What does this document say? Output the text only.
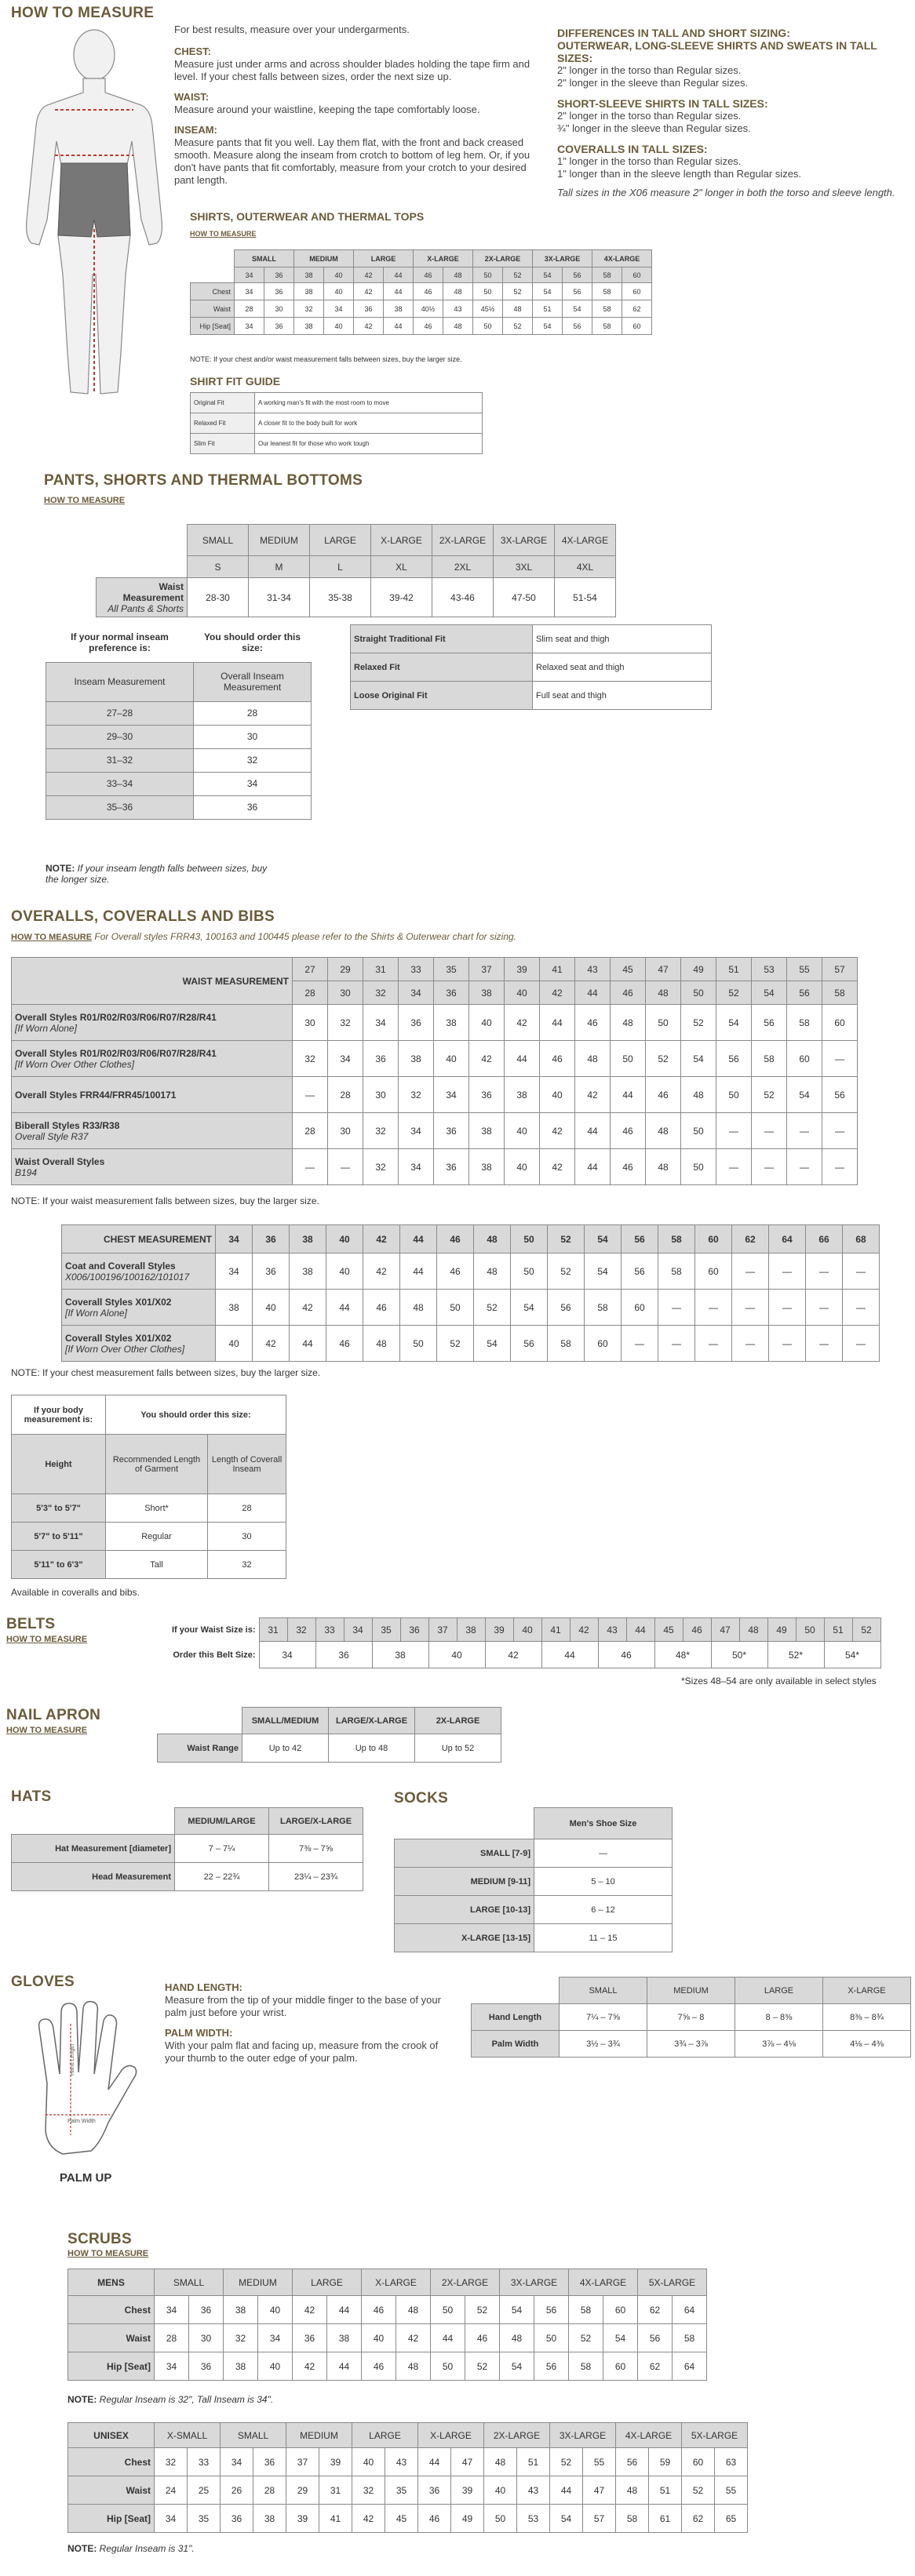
HOW TO MEASURE
For best results, measure over your undergarments.
CHEST:
Measure just under arms and across shoulder blades holding the tape firm and level. If your chest falls between sizes, order the next size up.
WAIST:
Measure around your waistline, keeping the tape comfortably loose.
INSEAM:
Measure pants that fit you well. Lay them flat, with the front and back creased smooth. Measure along the inseam from crotch to bottom of leg hem. Or, if you don't have pants that fit comfortably, measure from your crotch to your desired pant length.
DIFFERENCES IN TALL AND SHORT SIZING:
OUTERWEAR, LONG-SLEEVE SHIRTS AND SWEATS IN TALL SIZES:
2" longer in the torso than Regular sizes.
2" longer in the sleeve than Regular sizes.
SHORT-SLEEVE SHIRTS IN TALL SIZES:
2" longer in the torso than Regular sizes.
¾" longer in the sleeve than Regular sizes.
COVERALLS IN TALL SIZES:
1" longer in the torso than Regular sizes.
1" longer than in the sleeve length than Regular sizes.
Tall sizes in the X06 measure 2" longer in both the torso and sleeve length.
SHIRTS, OUTERWEAR AND THERMAL TOPS
HOW TO MEASURE
	SMALL		MEDIUM		LARGE		X-LARGE		2X-LARGE		3X-LARGE		4X-LARGE	
	34	36	38	40	42	44	46	48	50	52	54	56	58	60
Chest	34	36	38	40	42	44	46	48	50	52	54	56	58	60
Waist	28	30	32	34	36	38	40½	43	45½	48	51	54	58	62
Hip [Seat]	34	36	38	40	42	44	46	48	50	52	54	56	58	60
NOTE: If your chest and/or waist measurement falls between sizes, buy the larger size.
SHIRT FIT GUIDE
Original Fit	A working man's fit with the most room to move
Relaxed Fit	A closer fit to the body built for work
Slim Fit	Our leanest fit for those who work tough
PANTS, SHORTS AND THERMAL BOTTOMS
HOW TO MEASURE
	SMALL	MEDIUM	LARGE	X-LARGE	2X-LARGE	3X-LARGE	4X-LARGE
	S	M	L	XL	2XL	3XL	4XL

Waist Measurement
All Pants & Shorts	28-30	31-34	35-38	39-42	43-46	47-50	51-54
If your normal inseam preference is:	You should order this size:
Inseam Measurement	Overall Inseam Measurement
27–28	28
29–30	30
31–32	32
33–34	34
35–36	36
Straight Traditional Fit	Slim seat and thigh
Relaxed Fit	Relaxed seat and thigh
Loose Original Fit	Full seat and thigh
NOTE: If your inseam length falls between sizes, buy the longer size.
OVERALLS, COVERALLS AND BIBS
HOW TO MEASURE For Overall styles FRR43, 100163 and 100445 please refer to the Shirts & Outerwear chart for sizing.
WAIST MEASUREMENT	27	29	31	33	35	37	39	41	43	45	47	49	51	53	55	57
	28	30	32	34	36	38	40	42	44	46	48	50	52	54	56	58

Overall Styles R01/R02/R03/R06/R07/R28/R41
[If Worn Alone]	30	32	34	36	38	40	42	44	46	48	50	52	54	56	58	60

Overall Styles R01/R02/R03/R06/R07/R28/R41
[If Worn Over Other Clothes]	32	34	36	38	40	42	44	46	48	50	52	54	56	58	60	—

Overall Styles FRR44/FRR45/100171	—	28	30	32	34	36	38	40	42	44	46	48	50	52	54	56

Biberall Styles R33/R38
Overall Style R37	28	30	32	34	36	38	40	42	44	46	48	50	—	—	—	—

Waist Overall Styles
B194	—	—	32	34	36	38	40	42	44	46	48	50	—	—	—	—
NOTE: If your waist measurement falls between sizes, buy the larger size.
CHEST MEASUREMENT	34	36	38	40	42	44	46	48	50	52	54	56	58	60	62	64	66	68

Coat and Coverall Styles
X006/100196/100162/101017	34	36	38	40	42	44	46	48	50	52	54	56	58	60	—	—	—	—

Coverall Styles X01/X02
[If Worn Alone]	38	40	42	44	46	48	50	52	54	56	58	60	—	—	—	—	—	—

Coverall Styles X01/X02
[If Worn Over Other Clothes]	40	42	44	46	48	50	52	54	56	58	60	—	—	—	—	—	—	—
NOTE: If your chest measurement falls between sizes, buy the larger size.
If your body measurement is:	You should order this size:	
Height	Recommended Length of Garment	Length of Coverall Inseam
5'3" to 5'7"	Short*	28
5'7" to 5'11"	Regular	30
5'11" to 6'3"	Tall	32
Available in coveralls and bibs.
BELTS
HOW TO MEASURE
If your Waist Size is:	31	32	33	34	35	36	37	38	39	40	41	42	43	44	45	46	47	48	49	50	51	52
Order this Belt Size:	34		36		38		40		42		44		46		48*		50*		52*		54*	
*Sizes 48–54 are only available in select styles
NAIL APRON
HOW TO MEASURE
	SMALL/MEDIUM	LARGE/X-LARGE	2X-LARGE
Waist Range	Up to 42	Up to 48	Up to 52
HATS
	MEDIUM/LARGE	LARGE/X-LARGE
Hat Measurement [diameter]	7 – 7¼	7⅜ – 7⅝
Head Measurement	22 – 22¾	23¼ – 23¾
SOCKS
	Men's Shoe Size
SMALL [7-9]	—
MEDIUM [9-11]	5 – 10
LARGE [10-13]	6 – 12
X-LARGE [13-15]	11 – 15
GLOVES
Hand Length
Palm Width
PALM UP
HAND LENGTH:
Measure from the tip of your middle finger to the base of your palm just before your wrist.
PALM WIDTH:
With your palm flat and facing up, measure from the crook of your thumb to the outer edge of your palm.
	SMALL	MEDIUM	LARGE	X-LARGE
Hand Length	7¼ – 7⅝	7⅝ – 8	8 – 8⅜	8⅜ – 8¾
Palm Width	3½ – 3¾	3¾ – 3⅞	3⅞ – 4⅛	4⅛ – 4⅜
SCRUBS
HOW TO MEASURE
MENS	SMALL		MEDIUM		LARGE		X-LARGE		2X-LARGE		3X-LARGE		4X-LARGE		5X-LARGE	
Chest	34	36	38	40	42	44	46	48	50	52	54	56	58	60	62	64
Waist	28	30	32	34	36	38	40	42	44	46	48	50	52	54	56	58
Hip [Seat]	34	36	38	40	42	44	46	48	50	52	54	56	58	60	62	64
NOTE: Regular Inseam is 32", Tall Inseam is 34".
UNISEX	X-SMALL		SMALL		MEDIUM		LARGE		X-LARGE		2X-LARGE		3X-LARGE		4X-LARGE		5X-LARGE	
Chest	32	33	34	36	37	39	40	43	44	47	48	51	52	55	56	59	60	63
Waist	24	25	26	28	29	31	32	35	36	39	40	43	44	47	48	51	52	55
Hip [Seat]	34	35	36	38	39	41	42	45	46	49	50	53	54	57	58	61	62	65
NOTE: Regular Inseam is 31".
